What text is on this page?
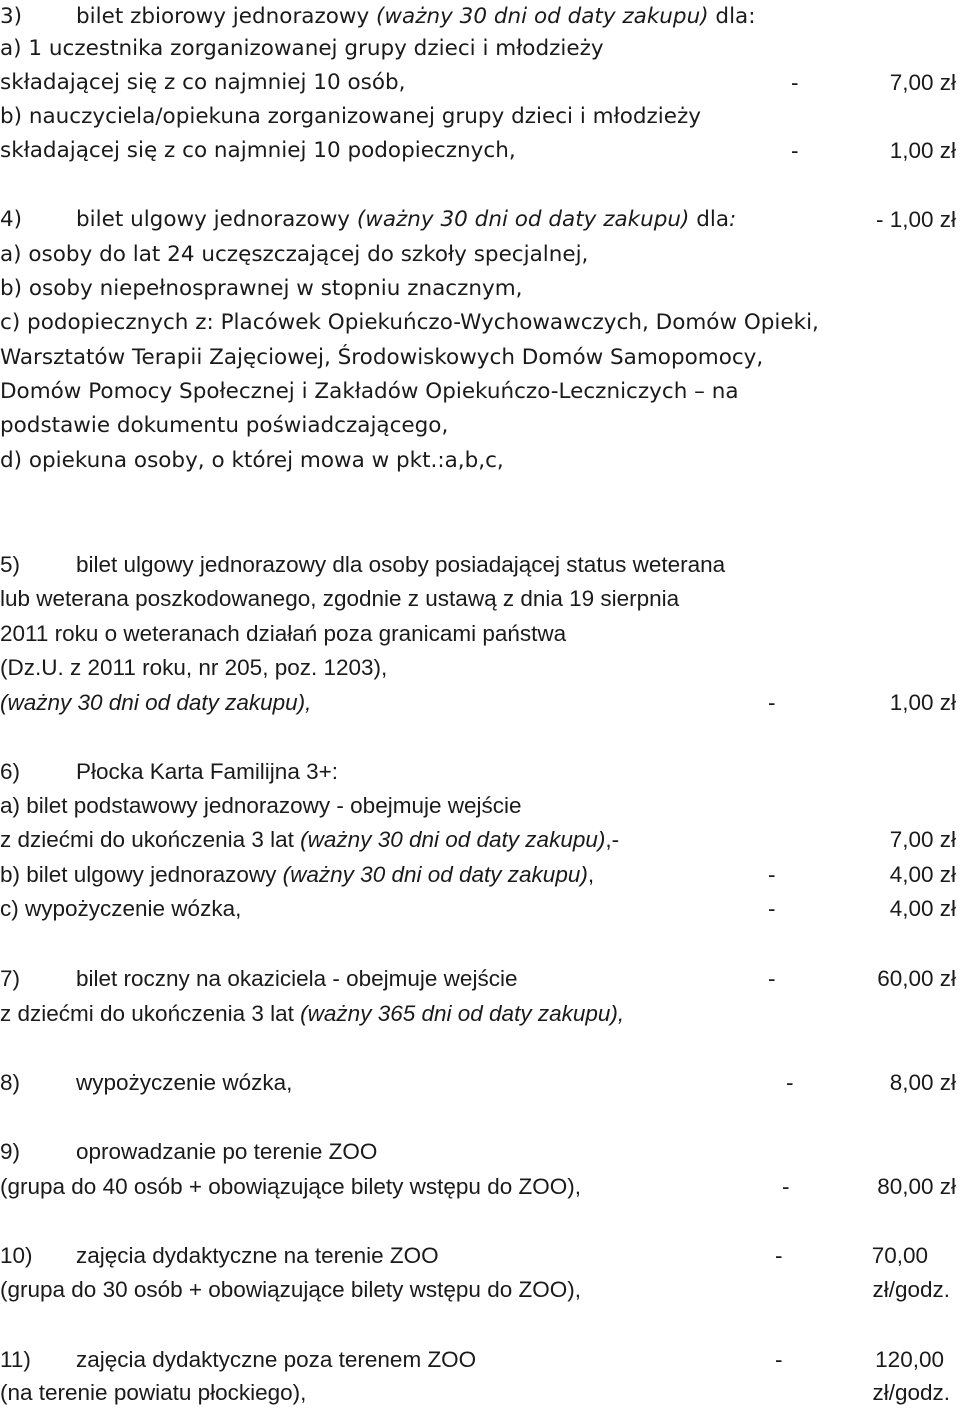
3)	bilet zbiorowy jednorazowy (ważny 30 dni od daty zakupu) dla:
a) 1 uczestnika zorganizowanej grupy dzieci i młodzieży
składającej się z co najmniej 10 osób,	-	7,00 zł
b) nauczyciela/opiekuna zorganizowanej grupy dzieci i młodzieży
składającej się z co najmniej 10 podopiecznych,	-	1,00 zł
4)	bilet ulgowy jednorazowy (ważny 30 dni od daty zakupu) dla:	- 1,00 zł
a) osoby do lat 24 uczęszczającej do szkoły specjalnej,
b) osoby niepełnosprawnej w stopniu znacznym,
c) podopiecznych z: Placówek Opiekuńczo-Wychowawczych, Domów Opieki,
Warsztatów Terapii Zajęciowej, Środowiskowych Domów Samopomocy,
Domów Pomocy Społecznej i Zakładów Opiekuńczo-Leczniczych – na
podstawie dokumentu poświadczającego,
d) opiekuna osoby, o której mowa w pkt.:a,b,c,
5) bilet ulgowy jednorazowy dla osoby posiadającej status weterana
lub weterana poszkodowanego, zgodnie z ustawą z dnia 19 sierpnia
2011 roku o weteranach działań poza granicami państwa
(Dz.U. z 2011 roku, nr 205, poz. 1203),
(ważny 30 dni od daty zakupu),	-	1,00 zł
6) Płocka Karta Familijna 3+:
a) bilet podstawowy jednorazowy - obejmuje wejście
z dziećmi do ukończenia 3 lat (ważny 30 dni od daty zakupu),-	7,00 zł
b) bilet ulgowy jednorazowy (ważny 30 dni od daty zakupu),	-	4,00 zł
c) wypożyczenie wózka,	-	4,00 zł
7) bilet roczny na okaziciela - obejmuje wejście	-	60,00 zł
z dziećmi do ukończenia 3 lat (ważny 365 dni od daty zakupu),
8) wypożyczenie wózka,	-	8,00 zł
9) oprowadzanie po terenie ZOO
(grupa do 40 osób + obowiązujące bilety wstępu do ZOO),	-	80,00 zł
10) zajęcia dydaktyczne na terenie ZOO	-	70,00
(grupa do 30 osób + obowiązujące bilety wstępu do ZOO),	zł/godz.
11) zajęcia dydaktyczne poza terenem ZOO	-	120,00
(na terenie powiatu płockiego),	zł/godz.
